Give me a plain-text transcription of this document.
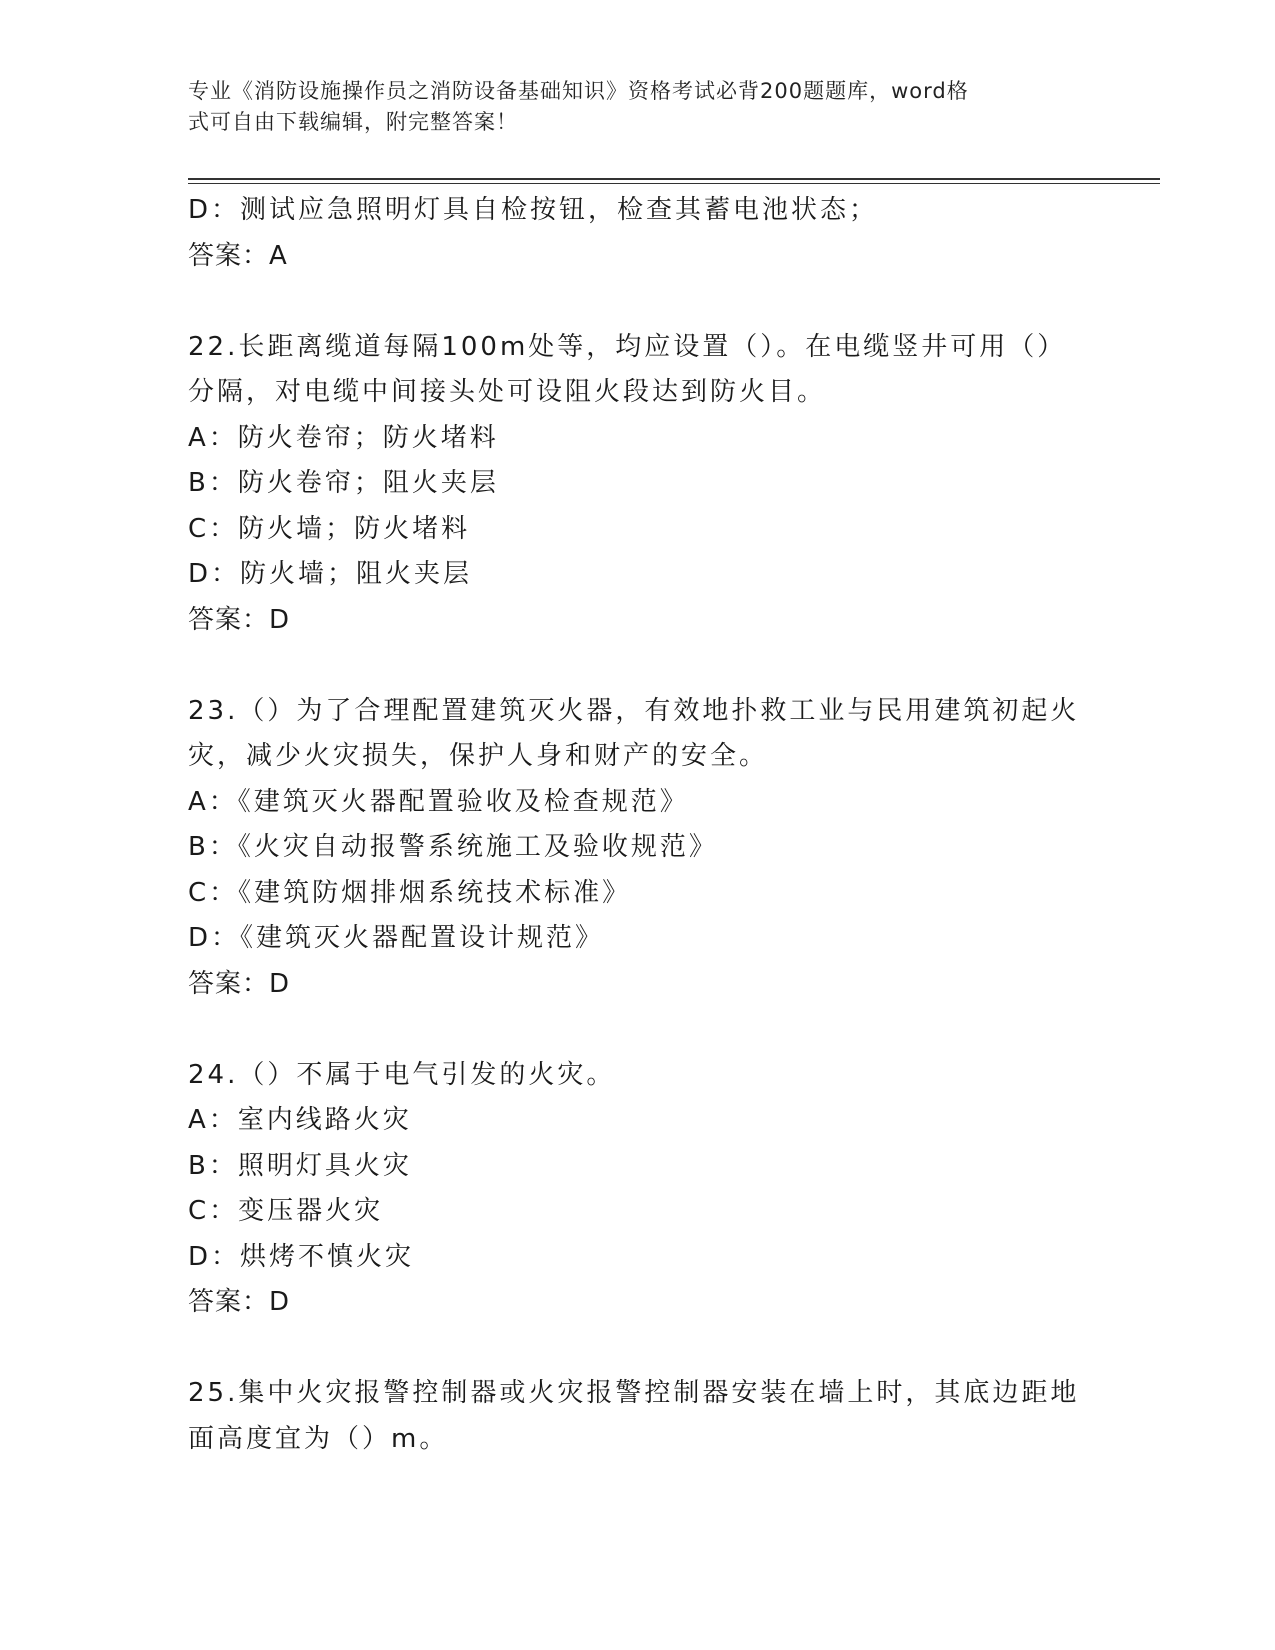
专业《消防设施操作员之消防设备基础知识》资格考试必背200题题库，word格
式可自由下载编辑，附完整答案！
D：测试应急照明灯具自检按钮，检查其蓄电池状态；
答案：A
22.长距离缆道每隔100m处等，均应设置（）。在电缆竖井可用（）
分隔，对电缆中间接头处可设阻火段达到防火目。
A：防火卷帘；防火堵料
B：防火卷帘；阻火夹层
C：防火墙；防火堵料
D：防火墙；阻火夹层
答案：D
23.（）为了合理配置建筑灭火器，有效地扑救工业与民用建筑初起火
灾，减少火灾损失，保护人身和财产的安全。
A：《建筑灭火器配置验收及检查规范》
B：《火灾自动报警系统施工及验收规范》
C：《建筑防烟排烟系统技术标准》
D：《建筑灭火器配置设计规范》
答案：D
24.（）不属于电气引发的火灾。
A：室内线路火灾
B：照明灯具火灾
C：变压器火灾
D：烘烤不慎火灾
答案：D
25.集中火灾报警控制器或火灾报警控制器安装在墙上时，其底边距地
面高度宜为（）m。
